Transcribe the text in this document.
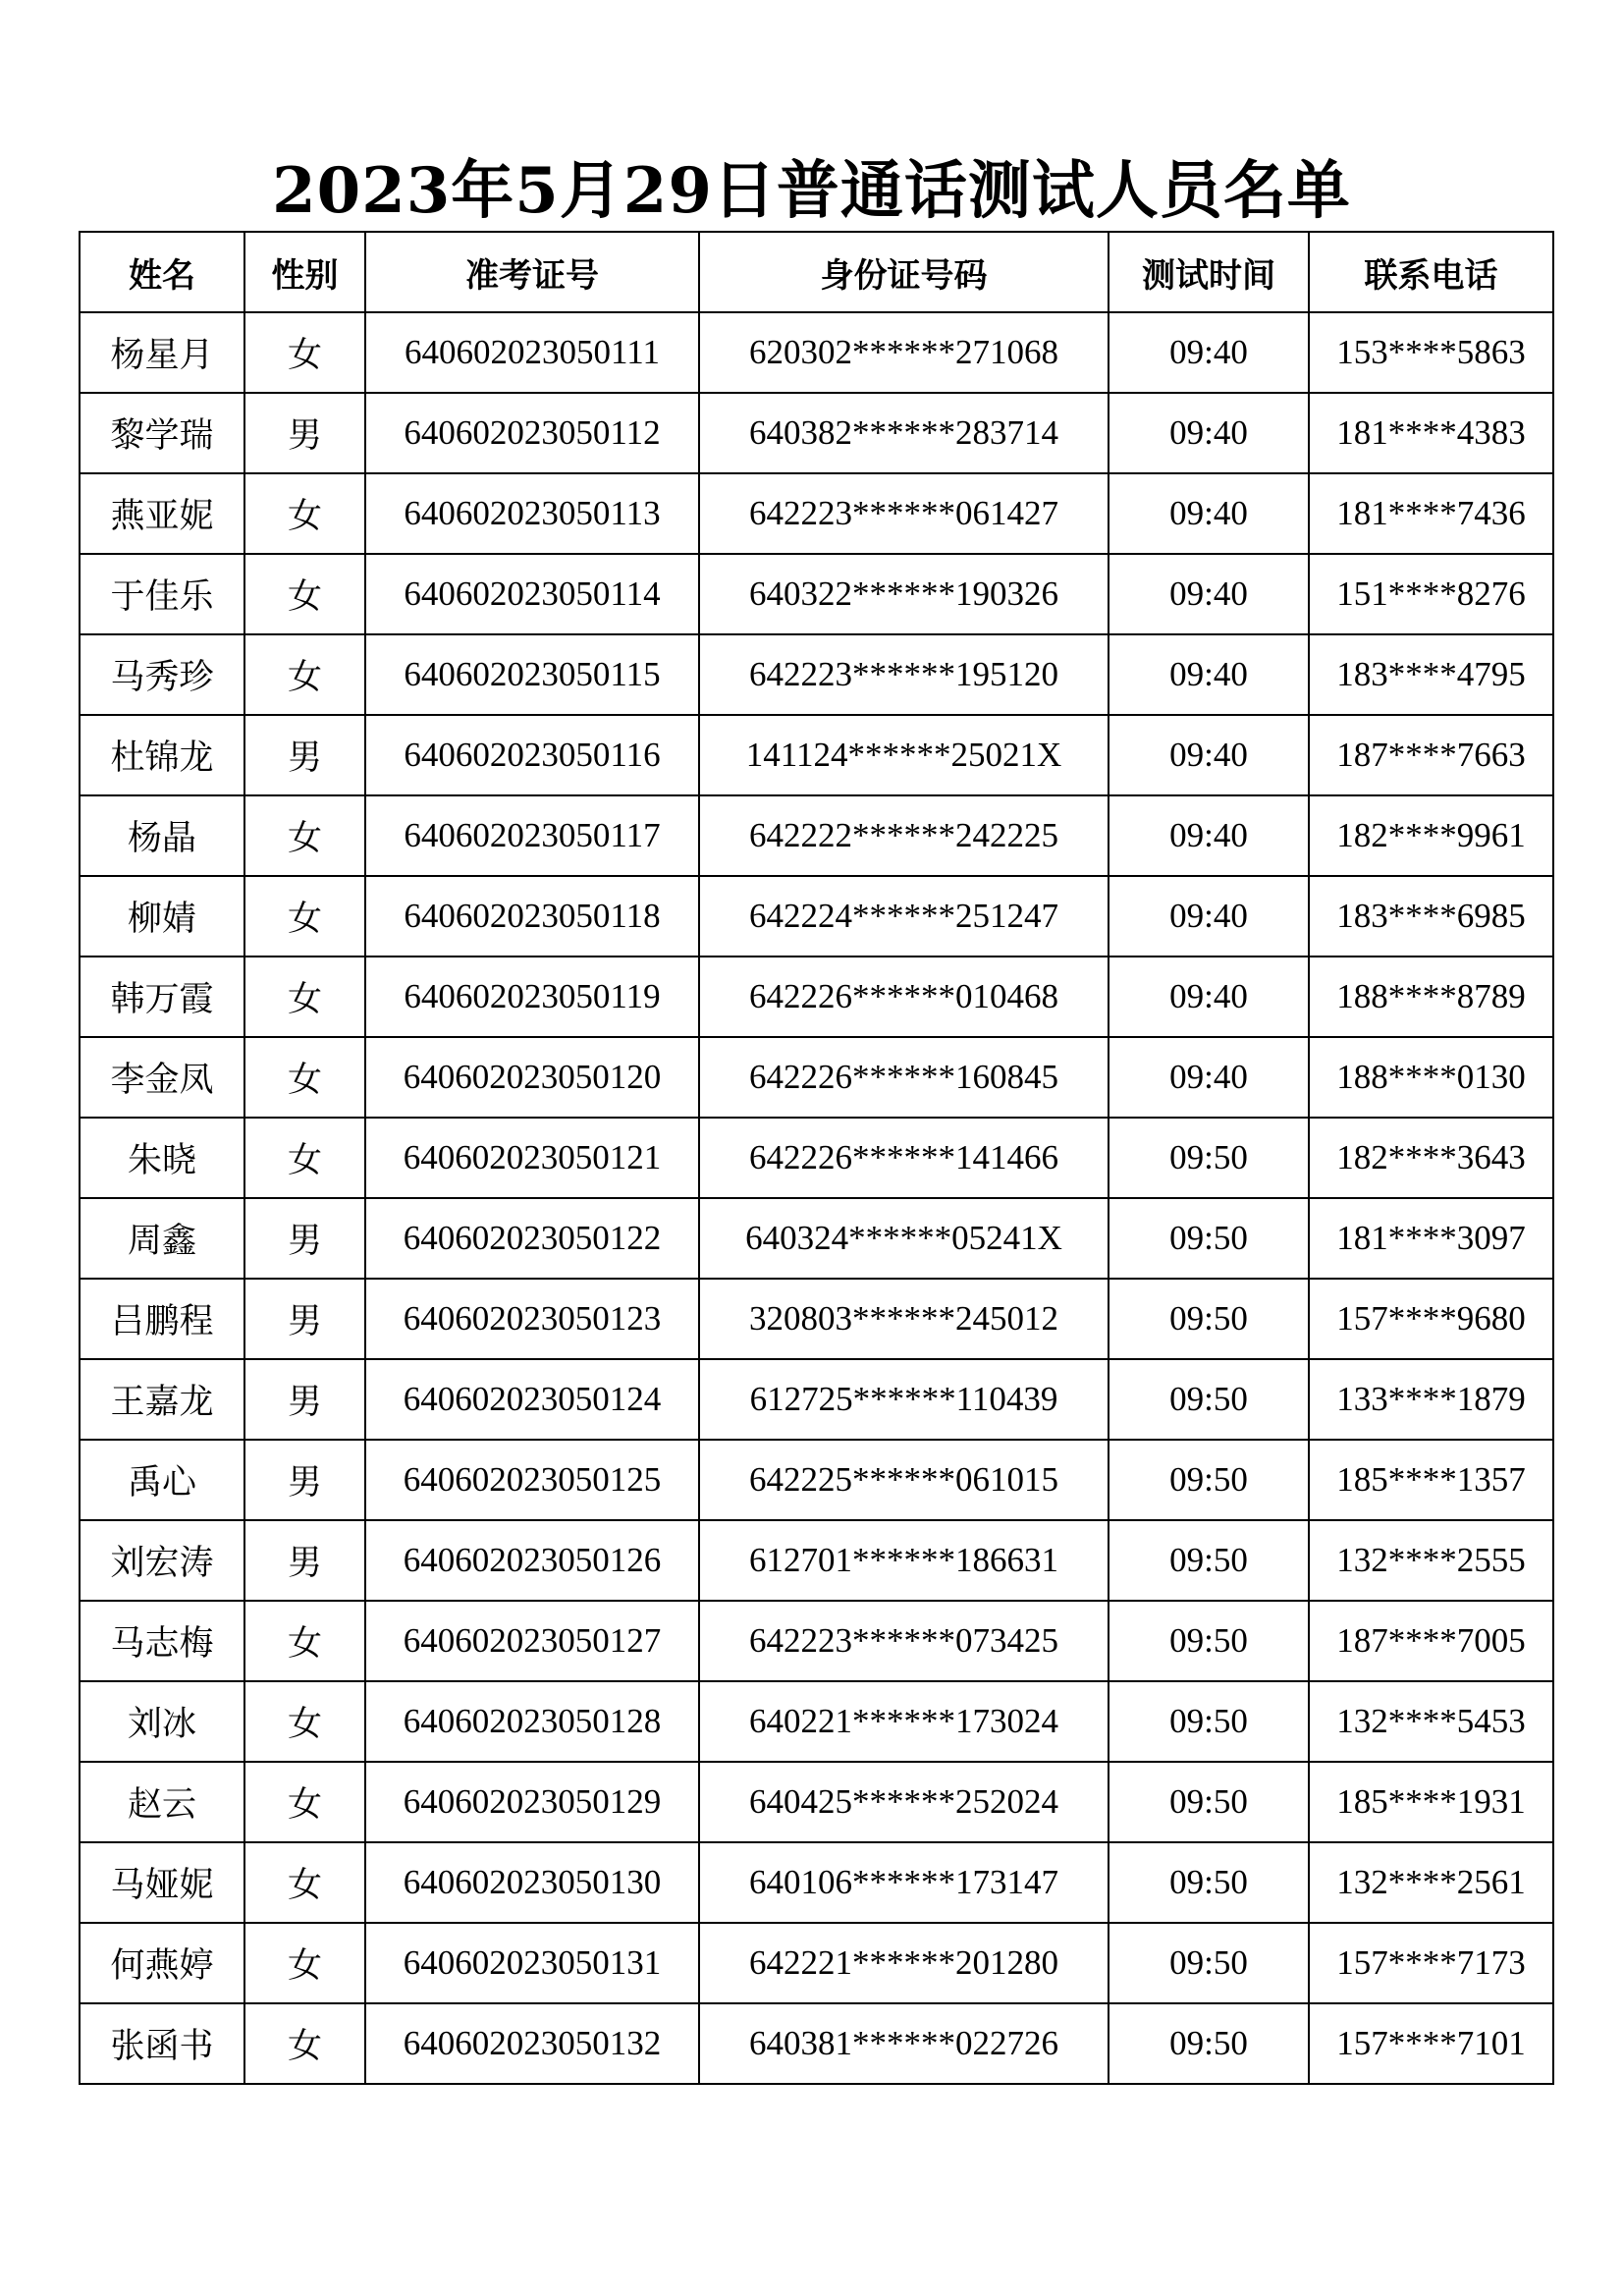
2023年5月29日普通话测试人员名单
姓名	性别	准考证号	身份证号码	测试时间	联系电话
杨星月	女	640602023050111	620302******271068	09:40	153****5863
黎学瑞	男	640602023050112	640382******283714	09:40	181****4383
燕亚妮	女	640602023050113	642223******061427	09:40	181****7436
于佳乐	女	640602023050114	640322******190326	09:40	151****8276
马秀珍	女	640602023050115	642223******195120	09:40	183****4795
杜锦龙	男	640602023050116	141124******25021X	09:40	187****7663
杨晶	女	640602023050117	642222******242225	09:40	182****9961
柳婧	女	640602023050118	642224******251247	09:40	183****6985
韩万霞	女	640602023050119	642226******010468	09:40	188****8789
李金凤	女	640602023050120	642226******160845	09:40	188****0130
朱晓	女	640602023050121	642226******141466	09:50	182****3643
周鑫	男	640602023050122	640324******05241X	09:50	181****3097
吕鹏程	男	640602023050123	320803******245012	09:50	157****9680
王嘉龙	男	640602023050124	612725******110439	09:50	133****1879
禹心	男	640602023050125	642225******061015	09:50	185****1357
刘宏涛	男	640602023050126	612701******186631	09:50	132****2555
马志梅	女	640602023050127	642223******073425	09:50	187****7005
刘冰	女	640602023050128	640221******173024	09:50	132****5453
赵云	女	640602023050129	640425******252024	09:50	185****1931
马娅妮	女	640602023050130	640106******173147	09:50	132****2561
何燕婷	女	640602023050131	642221******201280	09:50	157****7173
张函书	女	640602023050132	640381******022726	09:50	157****7101
